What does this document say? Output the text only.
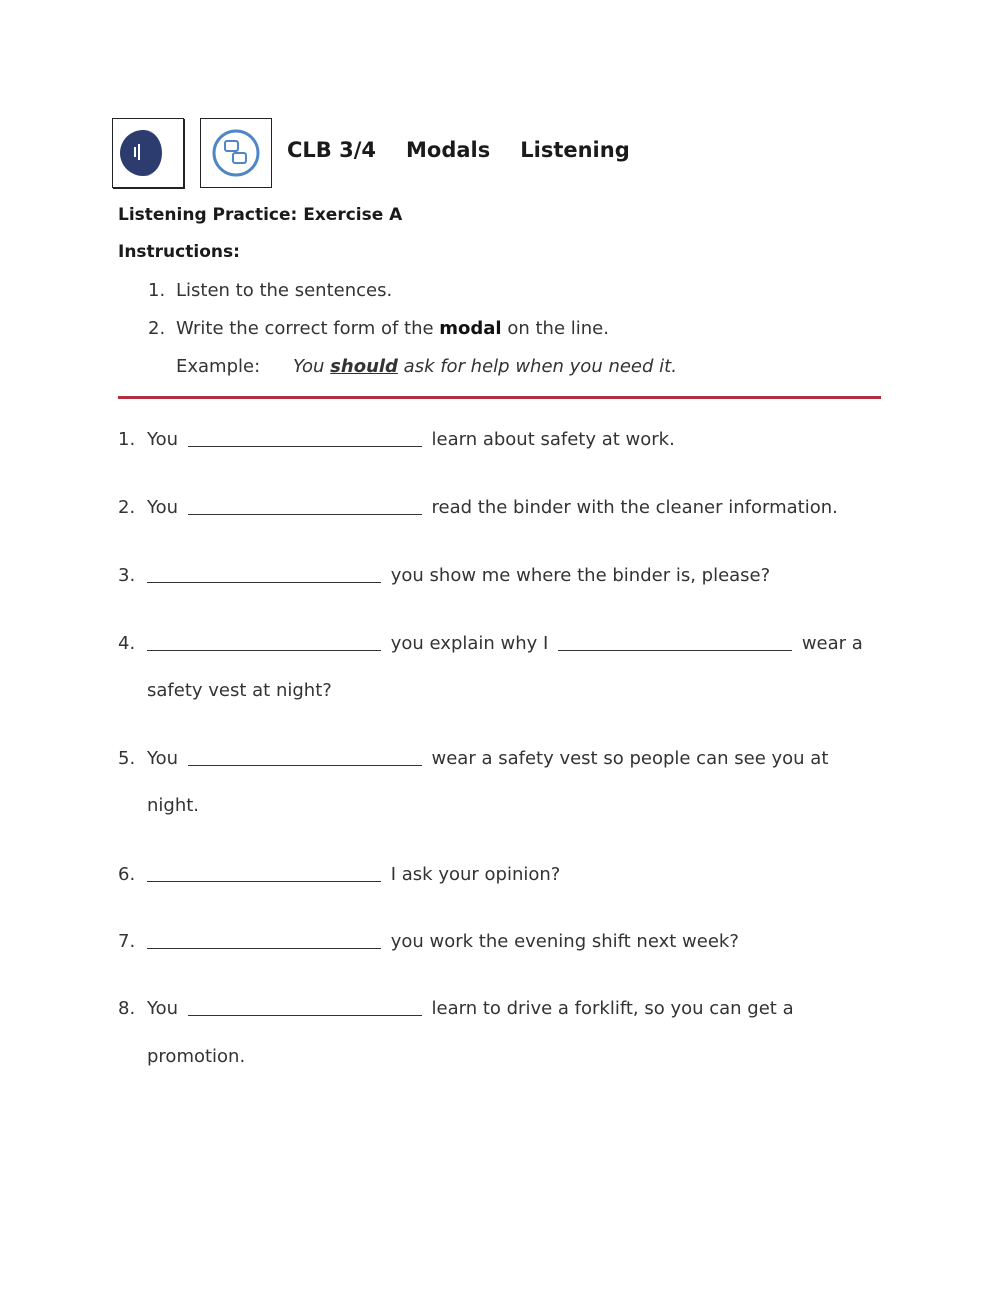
CLB 3/4 Modals Listening
Listening Practice: Exercise A
Instructions:
1. Listen to the sentences.
2. Write the correct form of the modal on the line.
Example: You should ask for help when you need it.
1. You	learn about safety at work.
2. You	read the binder with the cleaner information.
3.	you show me where the binder is, please?
4.	you explain why I	wear a
safety vest at night?
5. You	wear a safety vest so people can see you at
night.
6.	I ask your opinion?
7.	you work the evening shift next week?
8. You	learn to drive a forklift, so you can get a
promotion.
